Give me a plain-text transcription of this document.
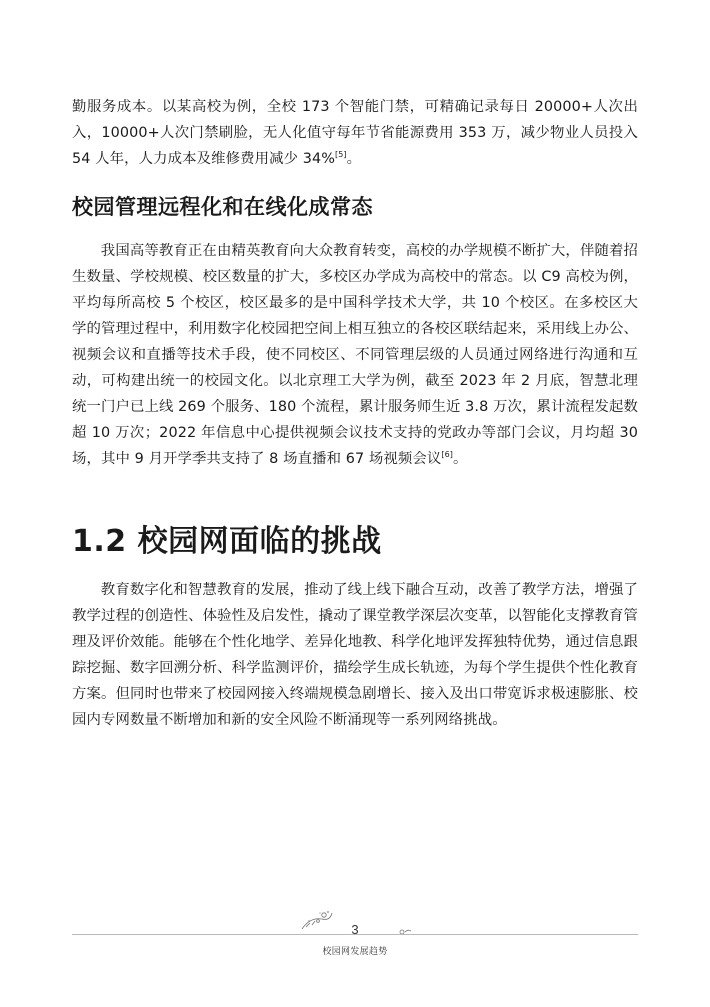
勤服务成本。以某高校为例，全校 173 个智能门禁，可精确记录每日 20000+人次出入，10000+人次门禁刷脸，无人化值守每年节省能源费用 353 万，减少物业人员投入 54 人年，人力成本及维修费用减少 34%[5]。

校园管理远程化和在线化成常态

我国高等教育正在由精英教育向大众教育转变，高校的办学规模不断扩大，伴随着招生数量、学校规模、校区数量的扩大，多校区办学成为高校中的常态。以 C9 高校为例，平均每所高校 5 个校区，校区最多的是中国科学技术大学，共 10 个校区。在多校区大学的管理过程中，利用数字化校园把空间上相互独立的各校区联结起来，采用线上办公、视频会议和直播等技术手段，使不同校区、不同管理层级的人员通过网络进行沟通和互动，可构建出统一的校园文化。以北京理工大学为例，截至 2023 年 2 月底，智慧北理统一门户已上线 269 个服务、180 个流程，累计服务师生近 3.8 万次，累计流程发起数超 10 万次；2022 年信息中心提供视频会议技术支持的党政办等部门会议，月均超 30 场，其中 9 月开学季共支持了 8 场直播和 67 场视频会议[6]。

1.2 校园网面临的挑战

教育数字化和智慧教育的发展，推动了线上线下融合互动，改善了教学方法，增强了教学过程的创造性、体验性及启发性，撬动了课堂教学深层次变革，以智能化支撑教育管理及评价效能。能够在个性化地学、差异化地教、科学化地评发挥独特优势，通过信息跟踪挖掘、数字回溯分析、科学监测评价，描绘学生成长轨迹，为每个学生提供个性化教育方案。但同时也带来了校园网接入终端规模急剧增长、接入及出口带宽诉求极速膨胀、校园内专网数量不断增加和新的安全风险不断涌现等一系列网络挑战。

3
校园网发展趋势
